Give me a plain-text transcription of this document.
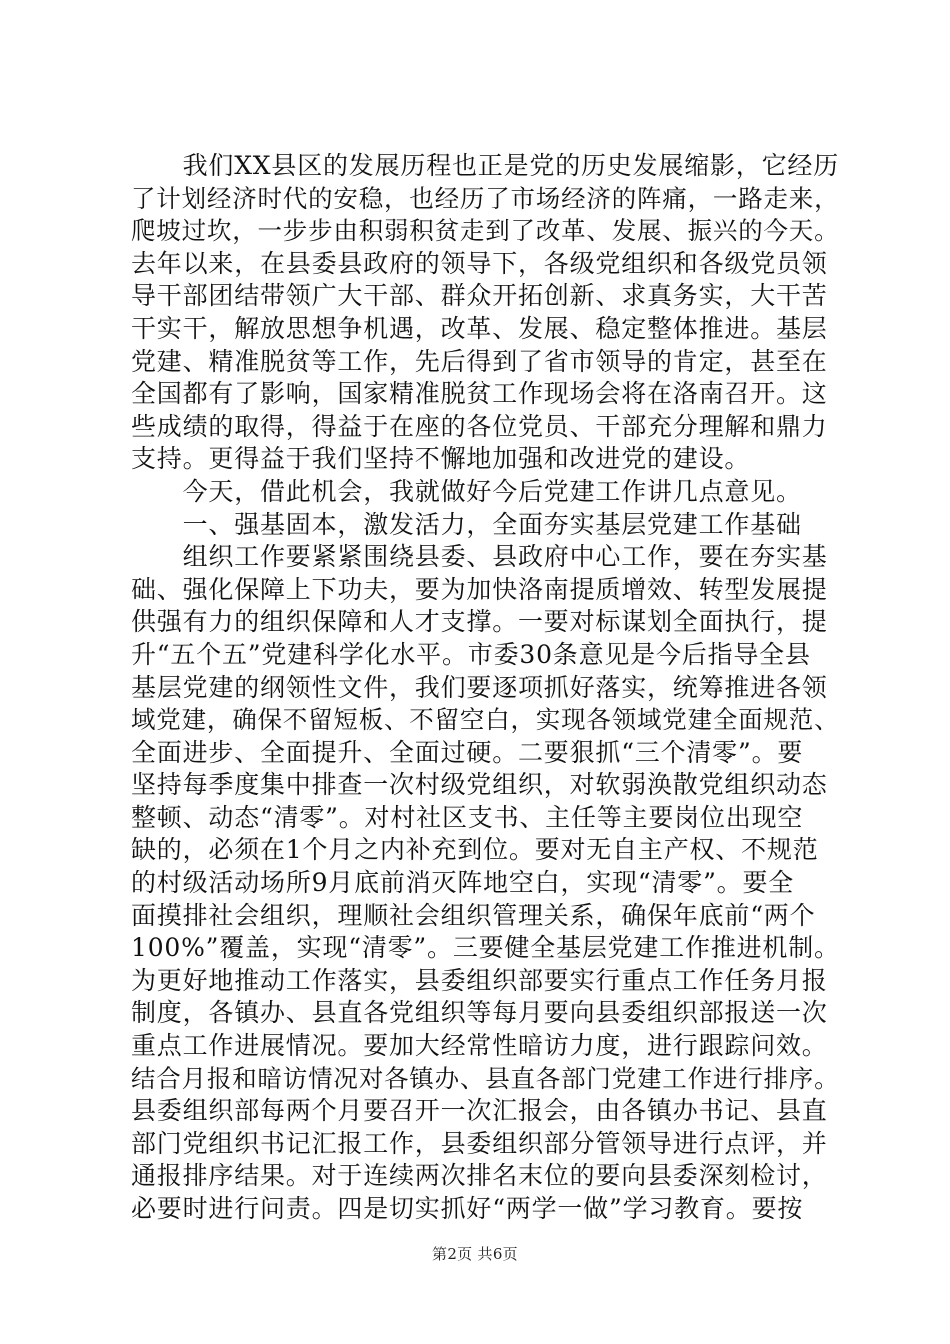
　　我们XX县区的发展历程也正是党的历史发展缩影，它经历
了计划经济时代的安稳，也经历了市场经济的阵痛，一路走来，
爬坡过坎，一步步由积弱积贫走到了改革、发展、振兴的今天。
去年以来，在县委县政府的领导下，各级党组织和各级党员领
导干部团结带领广大干部、群众开拓创新、求真务实，大干苦
干实干，解放思想争机遇，改革、发展、稳定整体推进。基层
党建、精准脱贫等工作，先后得到了省市领导的肯定，甚至在
全国都有了影响，国家精准脱贫工作现场会将在洛南召开。这
些成绩的取得，得益于在座的各位党员、干部充分理解和鼎力
支持。更得益于我们坚持不懈地加强和改进党的建设。
　　今天，借此机会，我就做好今后党建工作讲几点意见。
　　一、强基固本，激发活力，全面夯实基层党建工作基础
　　组织工作要紧紧围绕县委、县政府中心工作，要在夯实基
础、强化保障上下功夫，要为加快洛南提质增效、转型发展提
供强有力的组织保障和人才支撑。一要对标谋划全面执行，提
升“五个五”党建科学化水平。市委30条意见是今后指导全县
基层党建的纲领性文件，我们要逐项抓好落实，统筹推进各领
域党建，确保不留短板、不留空白，实现各领域党建全面规范、
全面进步、全面提升、全面过硬。二要狠抓“三个清零”。要
坚持每季度集中排查一次村级党组织，对软弱涣散党组织动态
整顿、动态“清零”。对村社区支书、主任等主要岗位出现空
缺的，必须在1个月之内补充到位。要对无自主产权、不规范
的村级活动场所9月底前消灭阵地空白，实现“清零”。要全
面摸排社会组织，理顺社会组织管理关系，确保年底前“两个
100%”覆盖，实现“清零”。三要健全基层党建工作推进机制。
为更好地推动工作落实，县委组织部要实行重点工作任务月报
制度，各镇办、县直各党组织等每月要向县委组织部报送一次
重点工作进展情况。要加大经常性暗访力度，进行跟踪问效。
结合月报和暗访情况对各镇办、县直各部门党建工作进行排序。
县委组织部每两个月要召开一次汇报会，由各镇办书记、县直
部门党组织书记汇报工作，县委组织部分管领导进行点评，并
通报排序结果。对于连续两次排名末位的要向县委深刻检讨，
必要时进行问责。四是切实抓好“两学一做”学习教育。要按
第2页 共6页
